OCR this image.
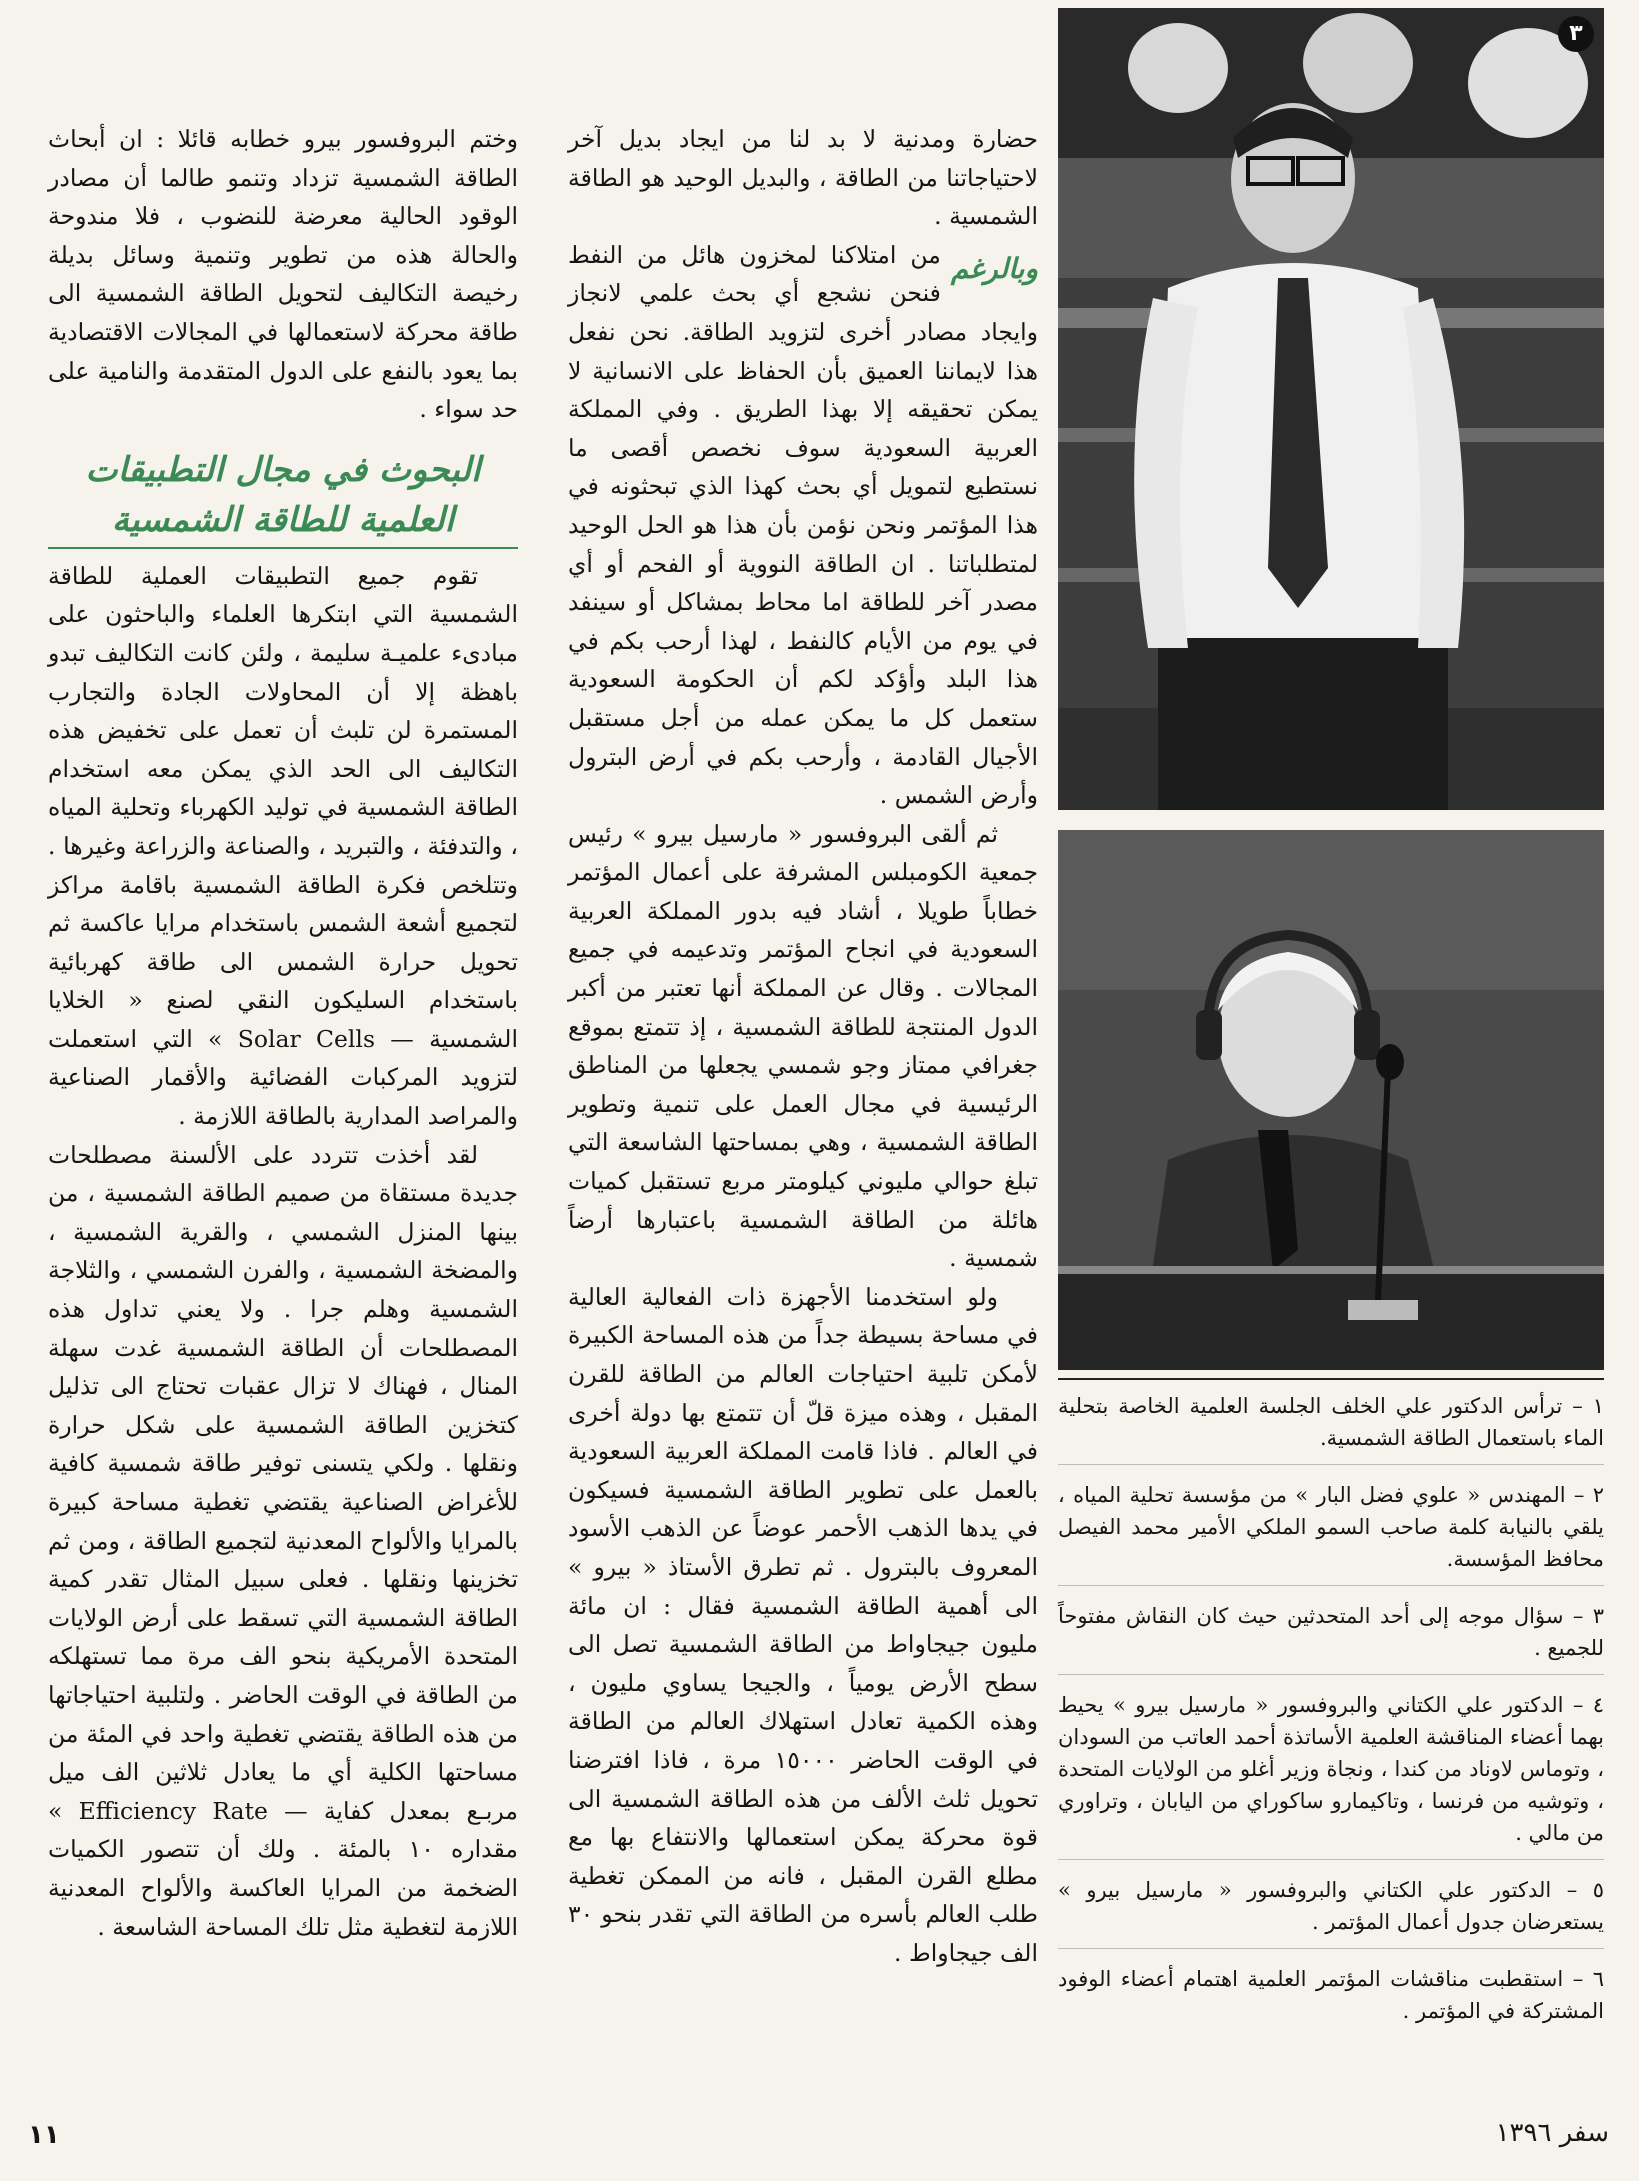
وختم البروفسور بيرو خطابه قائلا : ان أبحاث الطاقة الشمسية تزداد وتنمو طالما أن مصادر الوقود الحالية معرضة للنضوب ، فلا مندوحة والحالة هذه من تطوير وتنمية وسائل بديلة رخيصة التكاليف لتحويل الطاقة الشمسية الى طاقة محركة لاستعمالها في المجالات الاقتصادية بما يعود بالنفع على الدول المتقدمة والنامية على حد سواء .

البحوث في مجال التطبيقات العلمية للطاقة الشمسية

تقوم جميع التطبيقات العملية للطاقة الشمسية التي ابتكرها العلماء والباحثون على مبادىء علميـة سليمة ، ولئن كانت التكاليف تبدو باهظة إلا أن المحاولات الجادة والتجارب المستمرة لن تلبث أن تعمل على تخفيض هذه التكاليف الى الحد الذي يمكن معه استخدام الطاقة الشمسية في توليد الكهرباء وتحلية المياه ، والتدفئة ، والتبريد ، والصناعة والزراعة وغيرها . وتتلخص فكرة الطاقة الشمسية باقامة مراكز لتجميع أشعة الشمس باستخدام مرايا عاكسة ثم تحويل حرارة الشمس الى طاقة كهربائية باستخدام السليكون النقي لصنع « الخلايا الشمسية — Solar Cells » التي استعملت لتزويد المركبات الفضائية والأقمار الصناعية والمراصد المدارية بالطاقة اللازمة .

لقد أخذت تتردد على الألسنة مصطلحات جديدة مستقاة من صميم الطاقة الشمسية ، من بينها المنزل الشمسي ، والقرية الشمسية ، والمضخة الشمسية ، والفرن الشمسي ، والثلاجة الشمسية وهلم جرا . ولا يعني تداول هذه المصطلحات أن الطاقة الشمسية غدت سهلة المنال ، فهناك لا تزال عقبات تحتاج الى تذليل كتخزين الطاقة الشمسية على شكل حرارة ونقلها . ولكي يتسنى توفير طاقة شمسية كافية للأغراض الصناعية يقتضي تغطية مساحة كبيرة بالمرايا والألواح المعدنية لتجميع الطاقة ، ومن ثم تخزينها ونقلها . فعلى سبيل المثال تقدر كمية الطاقة الشمسية التي تسقط على أرض الولايات المتحدة الأمريكية بنحو الف مرة مما تستهلكه من الطاقة في الوقت الحاضر . ولتلبية احتياجاتها من هذه الطاقة يقتضي تغطية واحد في المئة من مساحتها الكلية أي ما يعادل ثلاثين الف ميل مربـع بمعدل كفاية — Efficiency Rate » مقداره ١٠ بالمئة . ولك أن تتصور الكميات الضخمة من المرايا العاكسة والألواح المعدنية اللازمة لتغطية مثل تلك المساحة الشاسعة .

حضارة ومدنية لا بد لنا من ايجاد بديل آخر لاحتياجاتنا من الطاقة ، والبديل الوحيد هو الطاقة الشمسية .

وبالرغم

من امتلاكنا لمخزون هائل من النفط فنحن نشجع أي بحث علمي لانجاز وايجاد مصادر أخرى لتزويد الطاقة. نحن نفعل هذا لايماننا العميق بأن الحفاظ على الانسانية لا يمكن تحقيقه إلا بهذا الطريق . وفي المملكة العربية السعودية سوف نخصص أقصى ما نستطيع لتمويل أي بحث كهذا الذي تبحثونه في هذا المؤتمر ونحن نؤمن بأن هذا هو الحل الوحيد لمتطلباتنا . ان الطاقة النووية أو الفحم أو أي مصدر آخر للطاقة اما محاط بمشاكل أو سينفد في يوم من الأيام كالنفط ، لهذا أرحب بكم في هذا البلد وأؤكد لكم أن الحكومة السعودية ستعمل كل ما يمكن عمله من أجل مستقبل الأجيال القادمة ، وأرحب بكم في أرض البترول وأرض الشمس .

ثم ألقى البروفسور « مارسيل بيرو » رئيس جمعية الكومبلس المشرفة على أعمال المؤتمر خطاباً طويلا ، أشاد فيه بدور المملكة العربية السعودية في انجاح المؤتمر وتدعيمه في جميع المجالات . وقال عن المملكة أنها تعتبر من أكبر الدول المنتجة للطاقة الشمسية ، إذ تتمتع بموقع جغرافي ممتاز وجو شمسي يجعلها من المناطق الرئيسية في مجال العمل على تنمية وتطوير الطاقة الشمسية ، وهي بمساحتها الشاسعة التي تبلغ حوالي مليوني كيلومتر مربع تستقبل كميات هائلة من الطاقة الشمسية باعتبارها أرضاً شمسية .

ولو استخدمنا الأجهزة ذات الفعالية العالية في مساحة بسيطة جداً من هذه المساحة الكبيرة لأمكن تلبية احتياجات العالم من الطاقة للقرن المقبل ، وهذه ميزة قلّ أن تتمتع بها دولة أخرى في العالم . فاذا قامت المملكة العربية السعودية بالعمل على تطوير الطاقة الشمسية فسيكون في يدها الذهب الأحمر عوضاً عن الذهب الأسود المعروف بالبترول . ثم تطرق الأستاذ « بيرو » الى أهمية الطاقة الشمسية فقال : ان مائة مليون جيجاواط من الطاقة الشمسية تصل الى سطح الأرض يومياً ، والجيجا يساوي مليون ، وهذه الكمية تعادل استهلاك العالم من الطاقة في الوقت الحاضر ١٥٠٠٠ مرة ، فاذا افترضنا تحويل ثلث الألف من هذه الطاقة الشمسية الى قوة محركة يمكن استعمالها والانتفاع بها مع مطلع القرن المقبل ، فانه من الممكن تغطية طلب العالم بأسره من الطاقة التي تقدر بنحو ٣٠ الف جيجاواط .

٣

١ – ترأس الدكتور علي الخلف الجلسة العلمية الخاصة بتحلية الماء باستعمال الطاقة الشمسية.

٢ – المهندس « علوي فضل البار » من مؤسسة تحلية المياه ، يلقي بالنيابة كلمة صاحب السمو الملكي الأمير محمد الفيصل محافظ المؤسسة.

٣ – سؤال موجه إلى أحد المتحدثين حيث كان النقاش مفتوحاً للجميع .

٤ – الدكتور علي الكتاني والبروفسور « مارسيل بيرو » يحيط بهما أعضاء المناقشة العلمية الأساتذة أحمد العاتب من السودان ، وتوماس لاوناد من كندا ، ونجاة وزير أغلو من الولايات المتحدة ، وتوشيه من فرنسا ، وتاكيمارو ساكوراي من اليابان ، وتراوري من مالي .

٥ – الدكتور علي الكتاني والبروفسور « مارسيل بيرو » يستعرضان جدول أعمال المؤتمر .

٦ – استقطبت مناقشات المؤتمر العلمية اهتمام أعضاء الوفود المشتركة في المؤتمر .

١١	سفر ١٣٩٦
